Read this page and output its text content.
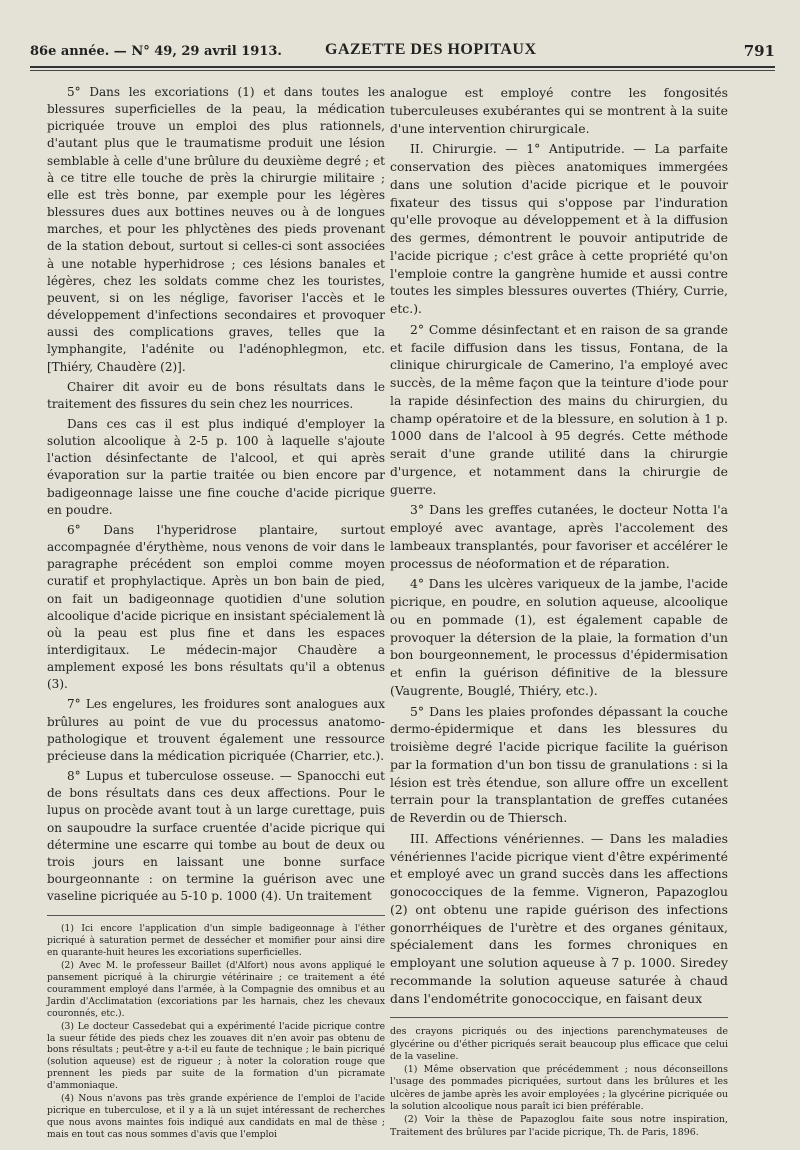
86e année. — N° 49, 29 avril 1913.	GAZETTE DES HOPITAUX	791

5° Dans les excoriations (1) et dans toutes les blessures superficielles de la peau, la médication picriquée trouve un emploi des plus rationnels, d'autant plus que le traumatisme produit une lésion semblable à celle d'une brûlure du deuxième degré ; et à ce titre elle touche de près la chirurgie militaire ; elle est très bonne, par exemple pour les légères blessures dues aux bottines neuves ou à de longues marches, et pour les phlyctènes des pieds provenant de la station debout, surtout si celles-ci sont associées à une notable hyperhidrose ; ces lésions banales et légères, chez les soldats comme chez les touristes, peuvent, si on les néglige, favoriser l'accès et le développement d'infections secondaires et provoquer aussi des complications graves, telles que la lymphangite, l'adénite ou l'adénophlegmon, etc. [Thiéry, Chaudère (2)].

Chairer dit avoir eu de bons résultats dans le traitement des fissures du sein chez les nourrices.

Dans ces cas il est plus indiqué d'employer la solution alcoolique à 2-5 p. 100 à laquelle s'ajoute l'action désinfectante de l'alcool, et qui après évaporation sur la partie traitée ou bien encore par badigeonnage laisse une fine couche d'acide picrique en poudre.

6° Dans l'hyperidrose plantaire, surtout accompagnée d'érythème, nous venons de voir dans le paragraphe précédent son emploi comme moyen curatif et prophylactique. Après un bon bain de pied, on fait un badigeonnage quotidien d'une solution alcoolique d'acide picrique en insistant spécialement là où la peau est plus fine et dans les espaces interdigitaux. Le médecin-major Chaudère a amplement exposé les bons résultats qu'il a obtenus (3).

7° Les engelures, les froidures sont analogues aux brûlures au point de vue du processus anatomo-pathologique et trouvent également une ressource précieuse dans la médication picriquée (Charrier, etc.).

8° Lupus et tuberculose osseuse. — Spanocchi eut de bons résultats dans ces deux affections. Pour le lupus on procède avant tout à un large curettage, puis on saupoudre la surface cruentée d'acide picrique qui détermine une escarre qui tombe au bout de deux ou trois jours en laissant une bonne surface bourgeonnante : on termine la guérison avec une vaseline picriquée au 5-10 p. 1000 (4). Un traitement

(1) Ici encore l'application d'un simple badigeonnage à l'éther picriqué à saturation permet de dessécher et momifier pour ainsi dire en quarante-huit heures les excoriations superficielles.

(2) Avec M. le professeur Baillet (d'Alfort) nous avons appliqué le pansement picriqué à la chirurgie vétérinaire ; ce traitement a été couramment employé dans l'armée, à la Compagnie des omnibus et au Jardin d'Acclimatation (excoriations par les harnais, chez les chevaux couronnés, etc.).

(3) Le docteur Cassedebat qui a expérimenté l'acide picrique contre la sueur fétide des pieds chez les zouaves dit n'en avoir pas obtenu de bons résultats ; peut-être y a-t-il eu faute de technique ; le bain picriqué (solution aqueuse) est de rigueur ; à noter la coloration rouge que prennent les pieds par suite de la formation d'un picramate d'ammoniaque.

(4) Nous n'avons pas très grande expérience de l'emploi de l'acide picrique en tuberculose, et il y a là un sujet intéressant de recherches que nous avons maintes fois indiqué aux candidats en mal de thèse ; mais en tout cas nous sommes d'avis que l'emploi

analogue est employé contre les fongosités tuberculeuses exubérantes qui se montrent à la suite d'une intervention chirurgicale.

II. Chirurgie. — 1° Antiputride. — La parfaite conservation des pièces anatomiques immergées dans une solution d'acide picrique et le pouvoir fixateur des tissus qui s'oppose par l'induration qu'elle provoque au développement et à la diffusion des germes, démontrent le pouvoir antiputride de l'acide picrique ; c'est grâce à cette propriété qu'on l'emploie contre la gangrène humide et aussi contre toutes les simples blessures ouvertes (Thiéry, Currie, etc.).

2° Comme désinfectant et en raison de sa grande et facile diffusion dans les tissus, Fontana, de la clinique chirurgicale de Camerino, l'a employé avec succès, de la même façon que la teinture d'iode pour la rapide désinfection des mains du chirurgien, du champ opératoire et de la blessure, en solution à 1 p. 1000 dans de l'alcool à 95 degrés. Cette méthode serait d'une grande utilité dans la chirurgie d'urgence, et notamment dans la chirurgie de guerre.

3° Dans les greffes cutanées, le docteur Notta l'a employé avec avantage, après l'accolement des lambeaux transplantés, pour favoriser et accélérer le processus de néoformation et de réparation.

4° Dans les ulcères variqueux de la jambe, l'acide picrique, en poudre, en solution aqueuse, alcoolique ou en pommade (1), est également capable de provoquer la détersion de la plaie, la formation d'un bon bourgeonnement, le processus d'épidermisation et enfin la guérison définitive de la blessure (Vaugrente, Bouglé, Thiéry, etc.).

5° Dans les plaies profondes dépassant la couche dermo-épidermique et dans les blessures du troisième degré l'acide picrique facilite la guérison par la formation d'un bon tissu de granulations : si la lésion est très étendue, son allure offre un excellent terrain pour la transplantation de greffes cutanées de Reverdin ou de Thiersch.

III. Affections vénériennes. — Dans les maladies vénériennes l'acide picrique vient d'être expérimenté et employé avec un grand succès dans les affections gonococciques de la femme. Vigneron, Papazoglou (2) ont obtenu une rapide guérison des infections gonorrhéiques de l'urètre et des organes génitaux, spécialement dans les formes chroniques en employant une solution aqueuse à 7 p. 1000. Siredey recommande la solution aqueuse saturée à chaud dans l'endométrite gonococcique, en faisant deux

des crayons picriqués ou des injections parenchymateuses de glycérine ou d'éther picriqués serait beaucoup plus efficace que celui de la vaseline.

(1) Même observation que précédemment ; nous déconseillons l'usage des pommades picriquées, surtout dans les brûlures et les ulcères de jambe après les avoir employées ; la glycérine picriquée ou la solution alcoolique nous paraît ici bien préférable.

(2) Voir la thèse de Papazoglou faite sous notre inspiration, Traitement des brûlures par l'acide picrique, Th. de Paris, 1896.
